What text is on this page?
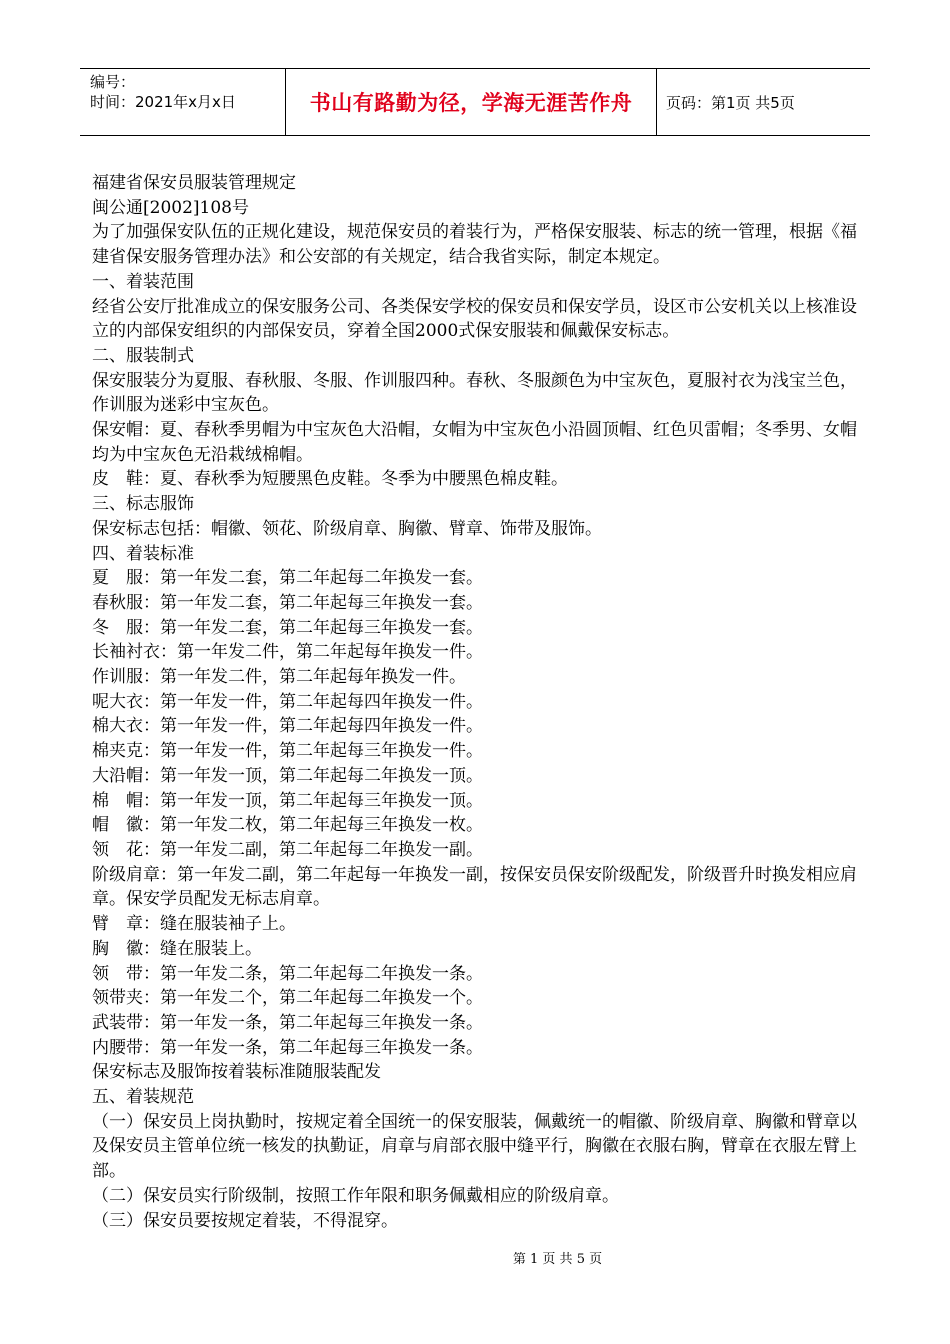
编号：
时间：2021年x月x日	书山有路勤为径，学海无涯苦作舟	页码：第1页 共5页

福建省保安员服装管理规定

闽公通[2002]108号

为了加强保安队伍的正规化建设，规范保安员的着装行为，严格保安服装、标志的统一管理，根据《福建省保安服务管理办法》和公安部的有关规定，结合我省实际，制定本规定。

一、着装范围

经省公安厅批准成立的保安服务公司、各类保安学校的保安员和保安学员，设区市公安机关以上核准设立的内部保安组织的内部保安员，穿着全国2000式保安服装和佩戴保安标志。

二、服装制式

保安服装分为夏服、春秋服、冬服、作训服四种。春秋、冬服颜色为中宝灰色，夏服衬衣为浅宝兰色，作训服为迷彩中宝灰色。

保安帽：夏、春秋季男帽为中宝灰色大沿帽，女帽为中宝灰色小沿圆顶帽、红色贝雷帽；冬季男、女帽均为中宝灰色无沿栽绒棉帽。

皮　鞋 ：夏、春秋季为短腰黑色皮鞋。冬季为中腰黑色棉皮鞋。

三、标志服饰

保安标志包括：帽徽、领花、阶级肩章、胸徽、臂章、饰带及服饰。

四、着装标准

夏　服 ：第一年发二套，第二年起每二年换发一套。
春秋服 ：第一年发二套，第二年起每三年换发一套。
冬　服 ：第一年发二套，第二年起每三年换发一套。
长袖衬衣 ：第一年发二件，第二年起每年换发一件。
作训服 ：第一年发二件，第二年起每年换发一件。
呢大衣 ：第一年发一件，第二年起每四年换发一件。
棉大衣 ：第一年发一件，第二年起每四年换发一件。
棉夹克 ：第一年发一件，第二年起每三年换发一件。
大沿帽 ：第一年发一顶，第二年起每二年换发一顶。
棉　帽 ：第一年发一顶，第二年起每三年换发一顶。
帽　徽 ：第一年发二枚，第二年起每三年换发一枚。
领　花 ：第一年发二副，第二年起每二年换发一副。

阶级肩章：第一年发二副，第二年起每一年换发一副，按保安员保安阶级配发，阶级晋升时换发相应肩章。保安学员配发无标志肩章。

臂　章 ：缝在服装袖子上。
胸　徽 ：缝在服装上。
领　带 ：第一年发二条，第二年起每二年换发一条。
领带夹 ：第一年发二个，第二年起每二年换发一个。
武装带 ：第一年发一条，第二年起每三年换发一条。
内腰带 ：第一年发一条，第二年起每三年换发一条。

保安标志及服饰按着装标准随服装配发

五、着装规范

（一）保安员上岗执勤时，按规定着全国统一的保安服装，佩戴统一的帽徽、阶级肩章、胸徽和臂章以及保安员主管单位统一核发的执勤证，肩章与肩部衣服中缝平行，胸徽在衣服右胸，臂章在衣服左臂上部。

（二）保安员实行阶级制，按照工作年限和职务佩戴相应的阶级肩章。

（三）保安员要按规定着装，不得混穿。

第 1 页 共 5 页
